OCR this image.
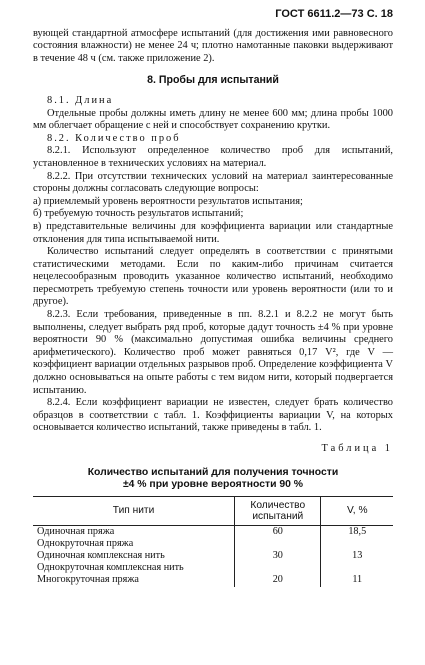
ГОСТ 6611.2—73 С. 18

вующей стандартной атмосфере испытаний (для достижения ими равновесного состояния влажности) не менее 24 ч; плотно намотанные паковки выдерживают в течение 48 ч (см. также приложение 2).

8. Пробы для испытаний

8.1. Длина

Отдельные пробы должны иметь длину не менее 600 мм; длина пробы 1000 мм облегчает обращение с ней и способствует сохранению крутки.

8.2. Количество проб

8.2.1. Используют определенное количество проб для испытаний, установленное в технических условиях на материал.

8.2.2. При отсутствии технических условий на материал заинтересованные стороны должны согласовать следующие вопросы:

а) приемлемый уровень вероятности результатов испытания;

б) требуемую точность результатов испытаний;

в) представительные величины для коэффициента вариации или стандартные отклонения для типа испытываемой нити.

Количество испытаний следует определять в соответствии с принятыми статистическими методами. Если по каким-либо причинам считается нецелесообразным проводить указанное количество испытаний, необходимо пересмотреть требуемую степень точности или уровень вероятности (или то и другое).

8.2.3. Если требования, приведенные в пп. 8.2.1 и 8.2.2 не могут быть выполнены, следует выбрать ряд проб, которые дадут точность ±4 % при уровне вероятности 90 % (максимально допустимая ошибка величины среднего арифметического). Количество проб может равняться 0,17 V², где V — коэффициент вариации отдельных разрывов проб. Определение коэффициента V должно основываться на опыте работы с тем видом нити, который подвергается испытанию.

8.2.4. Если коэффициент вариации не известен, следует брать количество образцов в соответствии с табл. 1. Коэффициенты вариации V, на которых основывается количество испытаний, также приведены в табл. 1.

Таблица 1
Количество испытаний для получения точности
±4 % при уровне вероятности 90 %
Тип нити	Количество испытаний	V, %
Одиночная пряжа	60	18,5
Однокруточная пряжа		
Одиночная комплексная нить	30	13
Однокруточная комплексная нить		
Многокруточная пряжа	20	11
